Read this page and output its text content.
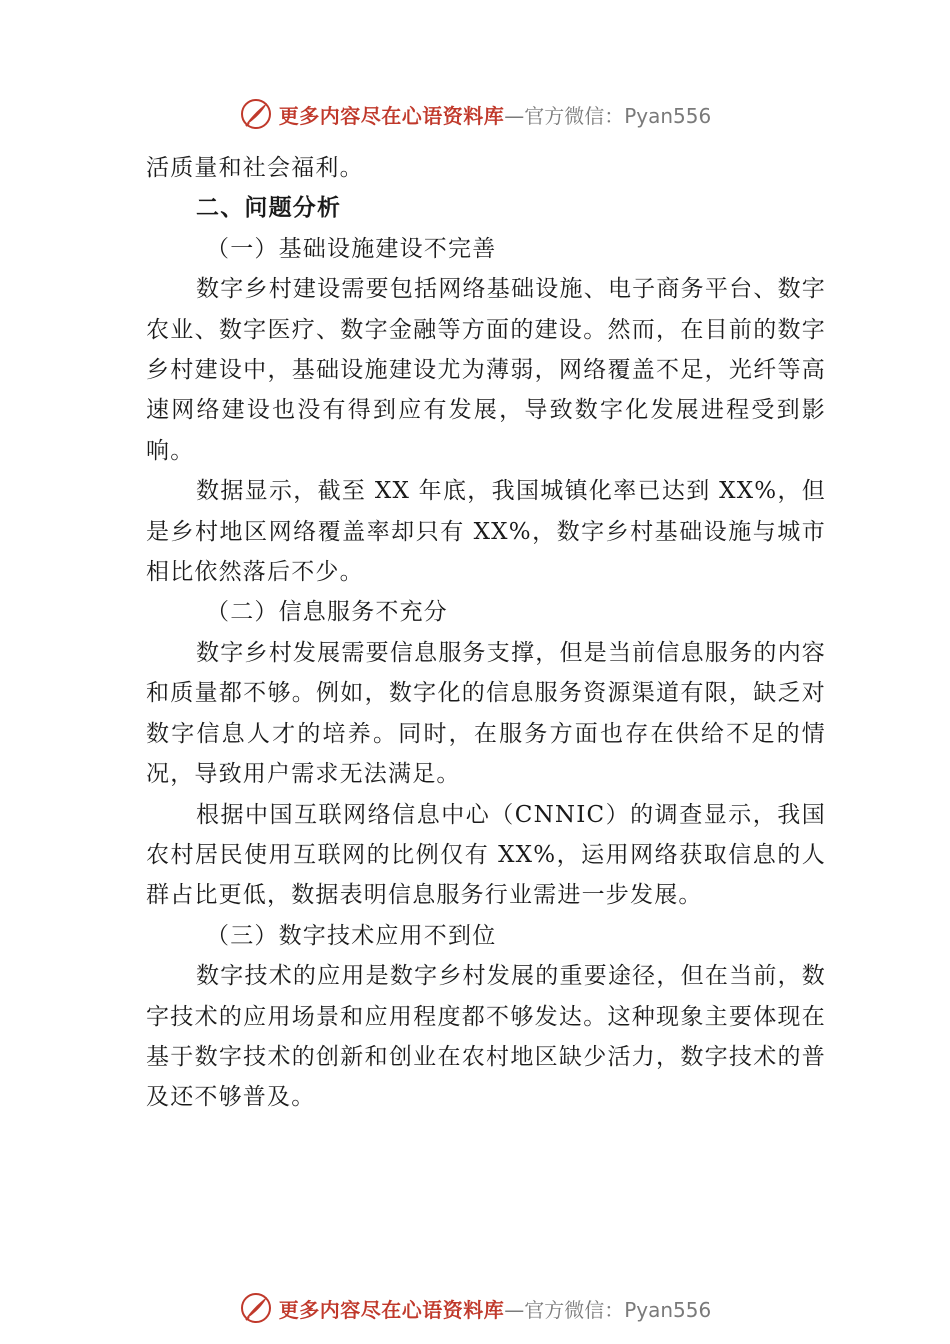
更多内容尽在心语资料库 —官方微信：Pyan556

活质量和社会福利。

二、问题分析

（一）基础设施建设不完善

数字乡村建设需要包括网络基础设施、电子商务平台、数字农业、数字医疗、数字金融等方面的建设。然而，在目前的数字乡村建设中，基础设施建设尤为薄弱，网络覆盖不足，光纤等高速网络建设也没有得到应有发展，导致数字化发展进程受到影响。

数据显示，截至 XX 年底，我国城镇化率已达到 XX%，但是乡村地区网络覆盖率却只有 XX%，数字乡村基础设施与城市相比依然落后不少。

（二）信息服务不充分

数字乡村发展需要信息服务支撑，但是当前信息服务的内容和质量都不够。例如，数字化的信息服务资源渠道有限，缺乏对数字信息人才的培养。同时，在服务方面也存在供给不足的情况，导致用户需求无法满足。

根据中国互联网络信息中心（CNNIC）的调查显示，我国农村居民使用互联网的比例仅有 XX%，运用网络获取信息的人群占比更低，数据表明信息服务行业需进一步发展。

（三）数字技术应用不到位

数字技术的应用是数字乡村发展的重要途径，但在当前，数字技术的应用场景和应用程度都不够发达。这种现象主要体现在基于数字技术的创新和创业在农村地区缺少活力，数字技术的普及还不够普及。

更多内容尽在心语资料库 —官方微信：Pyan556
